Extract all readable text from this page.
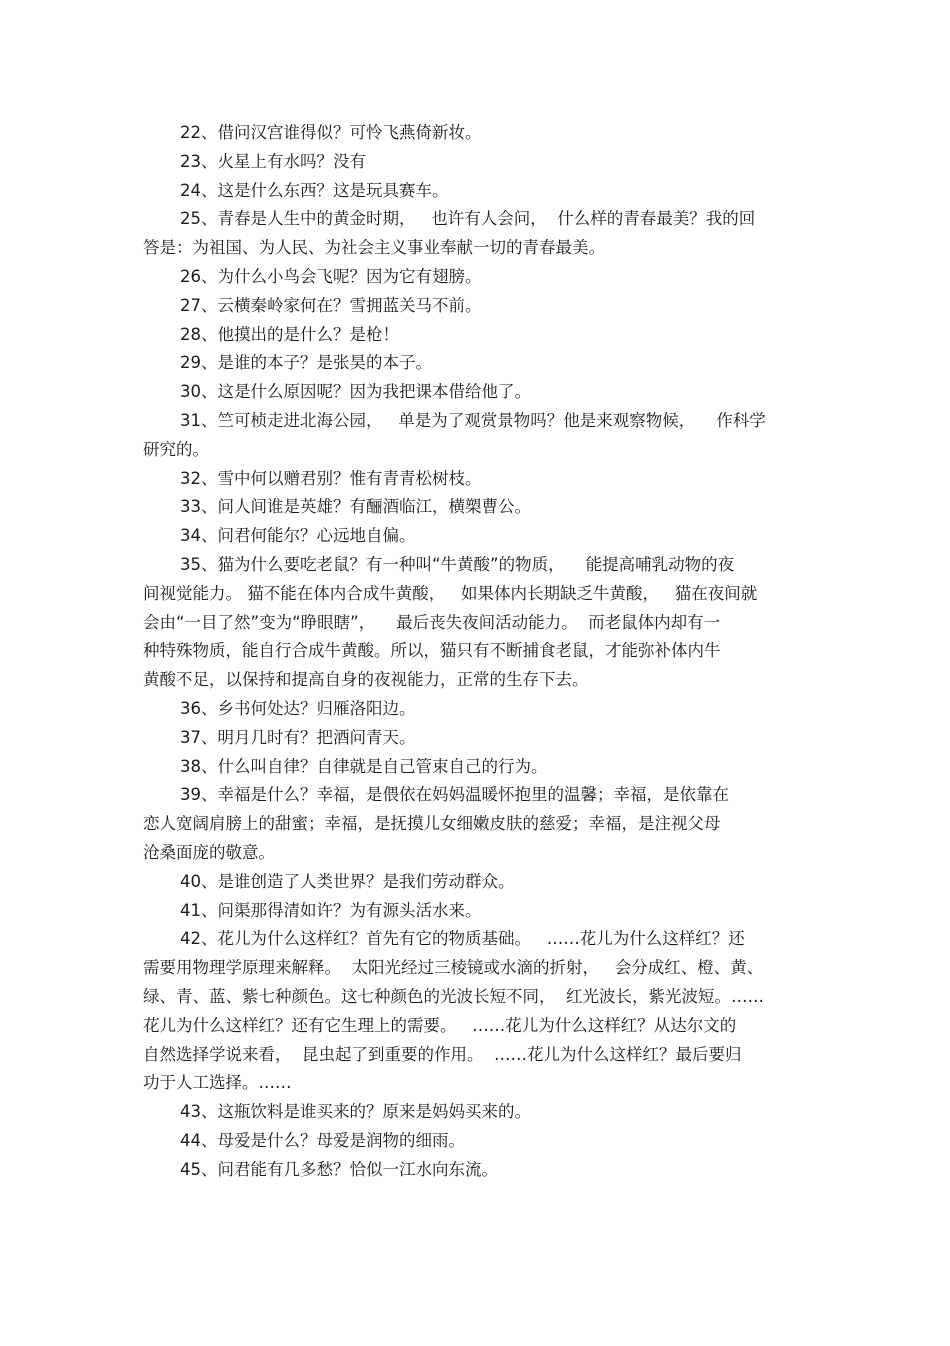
22、借问汉宫谁得似？可怜飞燕倚新妆。
23、火星上有水吗？没有
24、这是什么东西？这是玩具赛车。
25、青春是人生中的黄金时期，   也许有人会问，  什么样的青春最美？我的回
答是：为祖国、为人民、为社会主义事业奉献一切的青春最美。
26、为什么小鸟会飞呢？因为它有翅膀。
27、云横秦岭家何在？雪拥蓝关马不前。
28、他摸出的是什么？是枪！
29、是谁的本子？是张昊的本子。
30、这是什么原因呢？因为我把课本借给他了。
31、竺可桢走进北海公园，   单是为了观赏景物吗？他是来观察物候，    作科学
研究的。
32、雪中何以赠君别？惟有青青松树枝。
33、问人间谁是英雄？有酾酒临江，横槊曹公。
34、问君何能尔？心远地自偏。
35、猫为什么要吃老鼠？有一种叫“牛黄酸”的物质，    能提高哺乳动物的夜
间视觉能力。 猫不能在体内合成牛黄酸，   如果体内长期缺乏牛黄酸，   猫在夜间就
会由“一目了然”变为“睁眼瞎”，    最后丧失夜间活动能力。  而老鼠体内却有一
种特殊物质，能自行合成牛黄酸。所以，猫只有不断捕食老鼠，才能弥补体内牛
黄酸不足，以保持和提高自身的夜视能力，正常的生存下去。
36、乡书何处达？归雁洛阳边。
37、明月几时有？把酒问青天。
38、什么叫自律？自律就是自己管束自己的行为。
39、幸福是什么？幸福，是偎依在妈妈温暖怀抱里的温馨；幸福，是依靠在
恋人宽阔肩膀上的甜蜜；幸福，是抚摸儿女细嫩皮肤的慈爱；幸福，是注视父母
沧桑面庞的敬意。
40、是谁创造了人类世界？是我们劳动群众。
41、问渠那得清如许？为有源头活水来。
42、花儿为什么这样红？首先有它的物质基础。   ……花儿为什么这样红？还
需要用物理学原理来解释。  太阳光经过三棱镜或水滴的折射，   会分成红、橙、黄、
绿、青、蓝、紫七种颜色。这七种颜色的光波长短不同，  红光波长，紫光波短。……
花儿为什么这样红？还有它生理上的需要。   ……花儿为什么这样红？从达尔文的
自然选择学说来看，  昆虫起了到重要的作用。  ……花儿为什么这样红？最后要归
功于人工选择。……
43、这瓶饮料是谁买来的？原来是妈妈买来的。
44、母爱是什么？母爱是润物的细雨。
45、问君能有几多愁？恰似一江水向东流。
